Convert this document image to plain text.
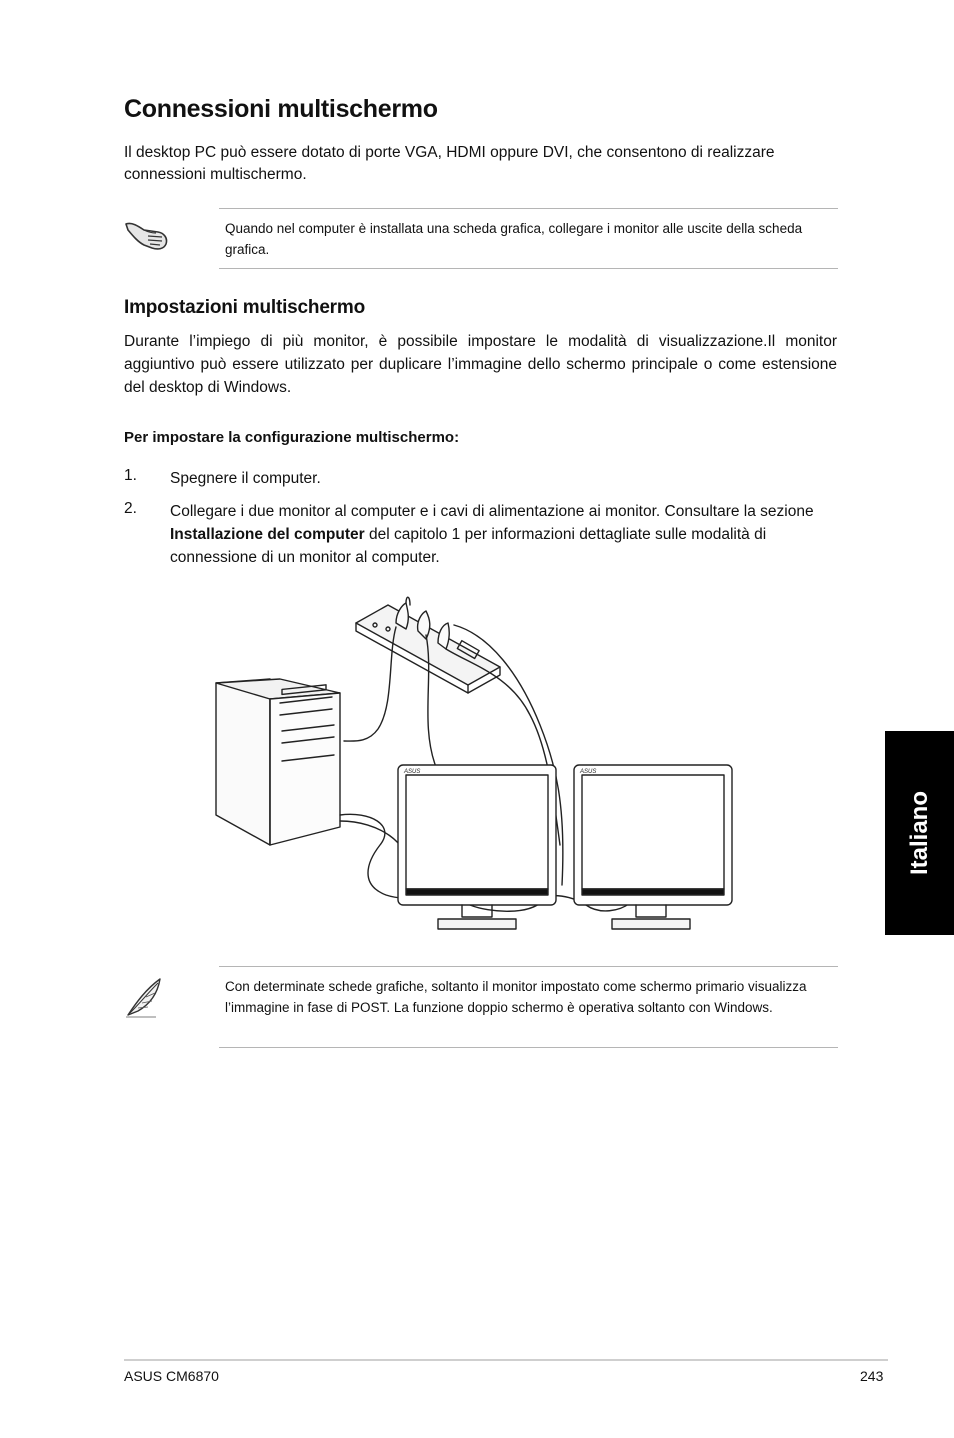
Connessioni multischermo
Il desktop PC può essere dotato di porte VGA, HDMI oppure DVI, che consentono di realizzare connessioni multischermo.

Quando nel computer è installata una scheda grafica, collegare i monitor alle uscite della scheda grafica.

Impostazioni multischermo
Durante l’impiego di più monitor, è possibile impostare le modalità di visualizzazione.Il monitor aggiuntivo può essere utilizzato per duplicare l’immagine dello schermo principale o come estensione del desktop di Windows.
Per impostare la configurazione multischermo:
1. Spegnere il computer.
2. Collegare i due monitor al computer e i cavi di alimentazione ai monitor. Consultare la sezione Installazione del computer del capitolo 1 per informazioni dettagliate sulle modalità di connessione di un monitor al computer.
ASUS	ASUS

Con determinate schede grafiche, soltanto il monitor impostato come schermo primario visualizza l’immagine in fase di POST. La funzione doppio schermo è operativa soltanto con Windows.

Italiano
ASUS CM6870	243
